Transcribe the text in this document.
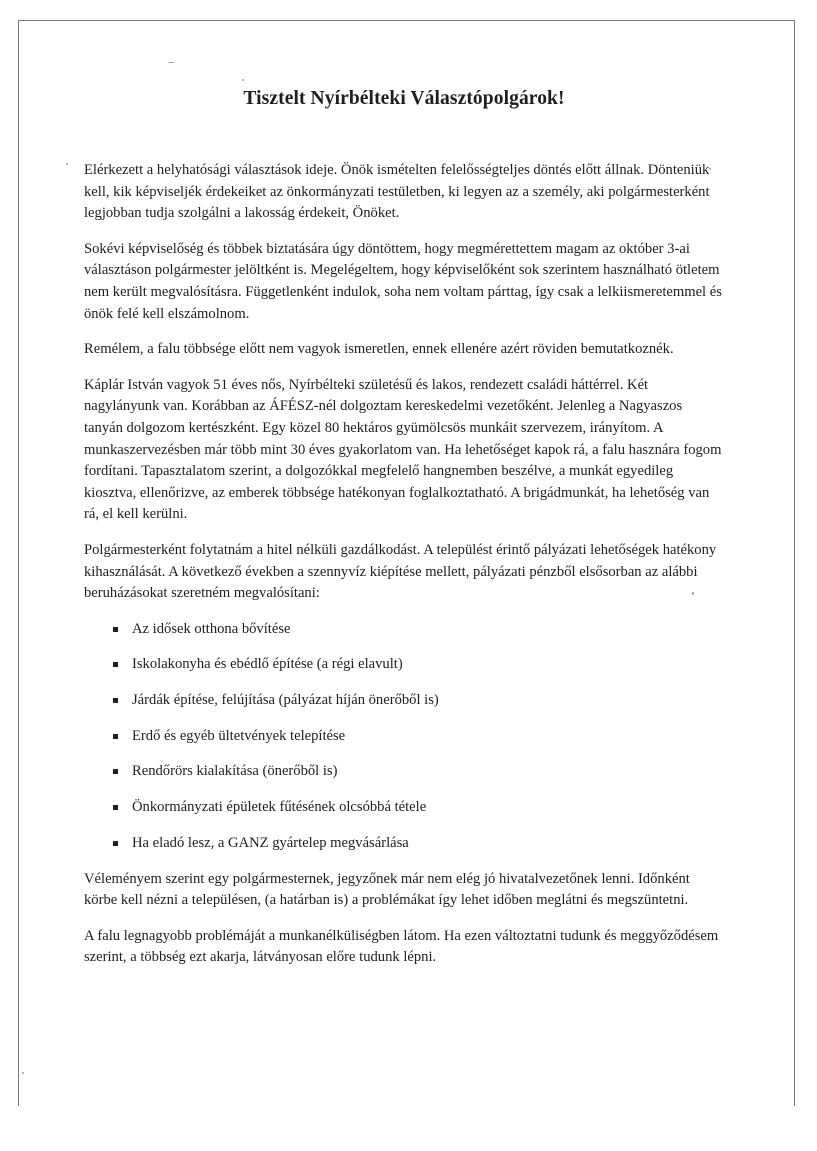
Tisztelt Nyírbélteki Választópolgárok!

Elérkezett a helyhatósági választások ideje. Önök ismételten felelősségteljes döntés előtt állnak. Dönteniük kell, kik képviseljék érdekeiket az önkormányzati testületben, ki legyen az a személy, aki polgármesterként legjobban tudja szolgálni a lakosság érdekeit, Önöket.

Sokévi képviselőség és többek biztatására úgy döntöttem, hogy megmérettettem magam az október 3-ai választáson polgármester jelöltként is. Megelégeltem, hogy képviselőként sok szerintem használható ötletem nem került megvalósításra. Függetlenként indulok, soha nem voltam párttag, így csak a lelkiismeretemmel és önök felé kell elszámolnom.

Remélem, a falu többsége előtt nem vagyok ismeretlen, ennek ellenére azért röviden bemutatkoznék.

Káplár István vagyok 51 éves nős, Nyírbélteki születésű és lakos, rendezett családi háttérrel. Két nagylányunk van. Korábban az ÁFÉSZ-nél dolgoztam kereskedelmi vezetőként. Jelenleg a Nagyaszos tanyán dolgozom kertészként. Egy közel 80 hektáros gyümölcsös munkáit szervezem, irányítom. A munkaszervezésben már több mint 30 éves gyakorlatom van. Ha lehetőséget kapok rá, a falu hasznára fogom fordítani. Tapasztalatom szerint, a dolgozókkal megfelelő hangnemben beszélve, a munkát egyedileg kiosztva, ellenőrizve, az emberek többsége hatékonyan foglalkoztatható. A brigádmunkát, ha lehetőség van rá, el kell kerülni.

Polgármesterként folytatnám a hitel nélküli gazdálkodást. A települést érintő pályázati lehetőségek hatékony kihasználását. A következő években a szennyvíz kiépítése mellett, pályázati pénzből elsősorban az alábbi beruházásokat szeretném megvalósítani:

Az idősek otthona bővítése
Iskolakonyha és ebédlő építése (a régi elavult)
Járdák építése, felújítása (pályázat híján önerőből is)
Erdő és egyéb ültetvények telepítése
Rendőrörs kialakítása (önerőből is)
Önkormányzati épületek fűtésének olcsóbbá tétele
Ha eladó lesz, a GANZ gyártelep megvásárlása

Véleményem szerint egy polgármesternek, jegyzőnek már nem elég jó hivatalvezetőnek lenni. Időnként körbe kell nézni a településen, (a határban is) a problémákat így lehet időben meglátni és megszüntetni.

A falu legnagyobb problémáját a munkanélküliségben látom. Ha ezen változtatni tudunk és meggyőződésem szerint, a többség ezt akarja, látványosan előre tudunk lépni.
